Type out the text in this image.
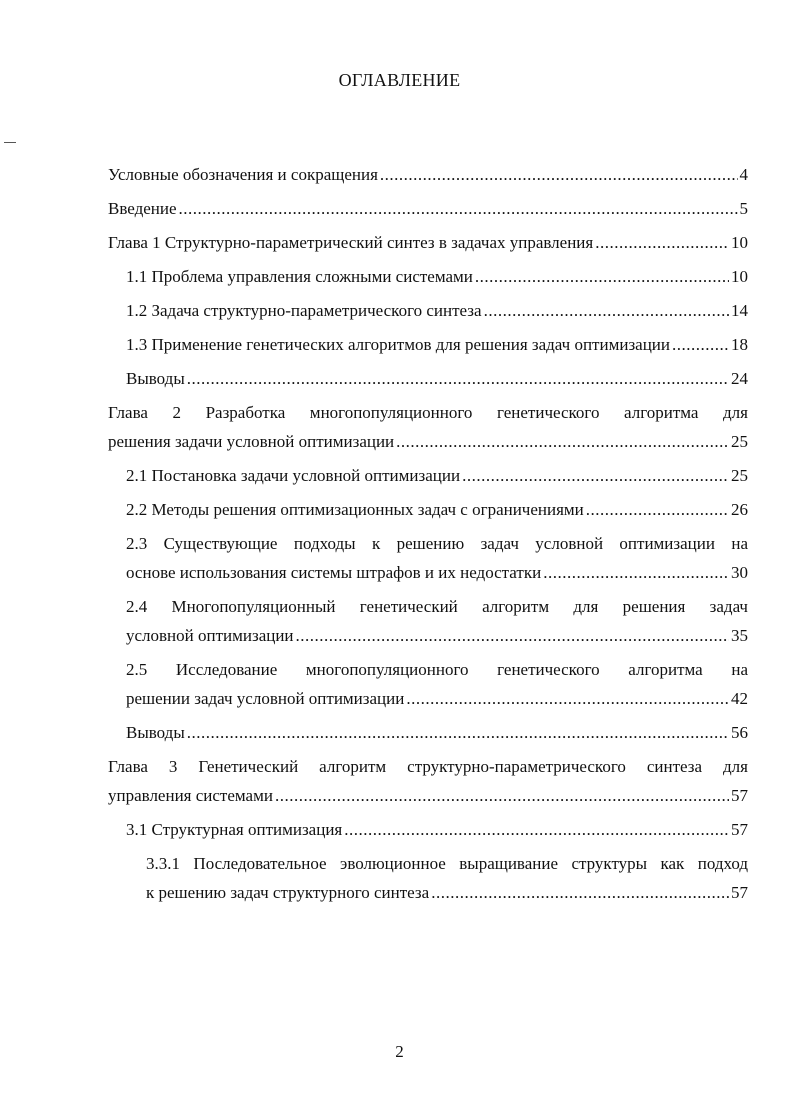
ОГЛАВЛЕНИЕ
Условные обозначения и сокращения .....	4
Введение .....	5
Глава 1 Структурно-параметрический синтез в задачах управления .....	10
1.1 Проблема управления сложными системами .....	10
1.2 Задача структурно-параметрического синтеза .....	14
1.3 Применение генетических алгоритмов для решения задач оптимизации .....	18
Выводы .....	24
Глава 2 Разработка многопопуляционного генетического алгоритма для
решения задачи условной оптимизации .....	25
2.1 Постановка задачи условной оптимизации .....	25
2.2 Методы решения оптимизационных задач с ограничениями .....	26
2.3 Существующие подходы к решению задач условной оптимизации на
основе использования системы штрафов и их недостатки .....	30
2.4 Многопопуляционный генетический алгоритм для решения задач
условной оптимизации .....	35
2.5 Исследование многопопуляционного генетического алгоритма на
решении задач условной оптимизации .....	42
Выводы .....	56
Глава 3 Генетический алгоритм структурно-параметрического синтеза для
управления системами .....	57
3.1 Структурная оптимизация .....	57
3.3.1 Последовательное эволюционное выращивание структуры как подход
к решению задач структурного синтеза .....	57
2
